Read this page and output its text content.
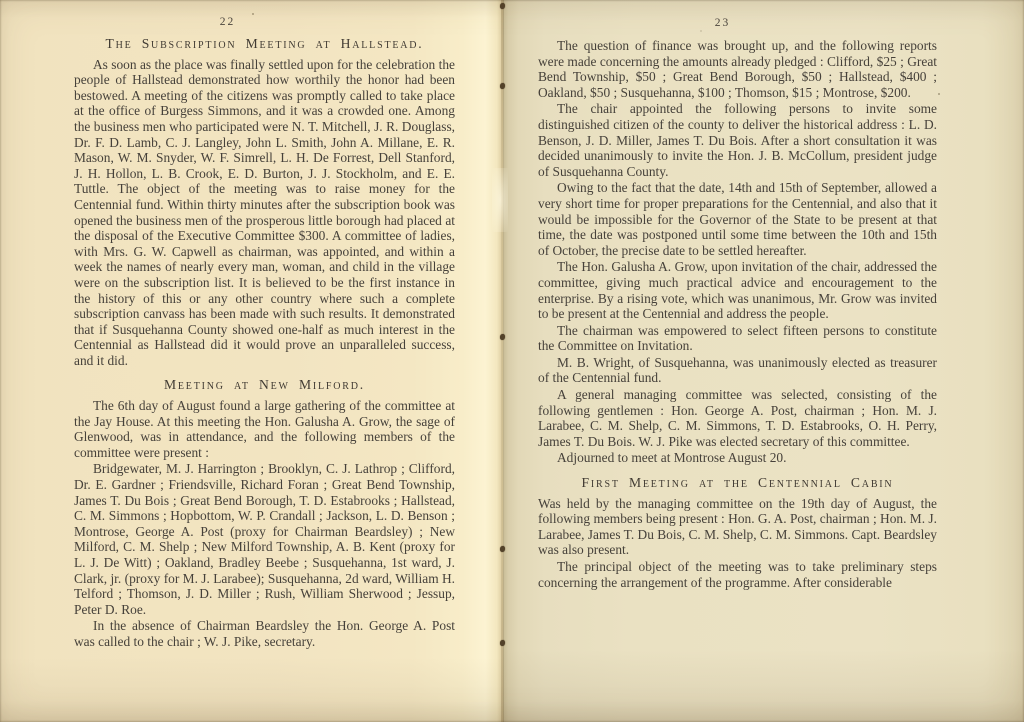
22
The Subscription Meeting at Hallstead.

As soon as the place was finally settled upon for the celebration the people of Hallstead demonstrated how worthily the honor had been bestowed. A meeting of the citizens was promptly called to take place at the office of Burgess Simmons, and it was a crowded one. Among the business men who participated were N. T. Mitchell, J. R. Douglass, Dr. F. D. Lamb, C. J. Langley, John L. Smith, John A. Millane, E. R. Mason, W. M. Snyder, W. F. Simrell, L. H. De Forrest, Dell Stanford, J. H. Hollon, L. B. Crook, E. D. Burton, J. J. Stockholm, and E. E. Tuttle. The object of the meeting was to raise money for the Centennial fund. Within thirty minutes after the subscription book was opened the business men of the prosperous little borough had placed at the disposal of the Executive Committee $300. A committee of ladies, with Mrs. G. W. Capwell as chairman, was appointed, and within a week the names of nearly every man, woman, and child in the village were on the subscription list. It is believed to be the first instance in the history of this or any other country where such a complete subscription canvass has been made with such results. It demonstrated that if Susquehanna County showed one-half as much interest in the Centennial as Hallstead did it would prove an unparalleled success, and it did.

Meeting at New Milford.

The 6th day of August found a large gathering of the committee at the Jay House. At this meeting the Hon. Galusha A. Grow, the sage of Glenwood, was in attendance, and the following members of the committee were present :

Bridgewater, M. J. Harrington ; Brooklyn, C. J. Lathrop ; Clifford, Dr. E. Gardner ; Friendsville, Richard Foran ; Great Bend Township, James T. Du Bois ; Great Bend Borough, T. D. Estabrooks ; Hallstead, C. M. Simmons ; Hopbottom, W. P. Crandall ; Jackson, L. D. Benson ; Montrose, George A. Post (proxy for Chairman Beardsley) ; New Milford, C. M. Shelp ; New Milford Township, A. B. Kent (proxy for L. J. De Witt) ; Oakland, Bradley Beebe ; Susquehanna, 1st ward, J. Clark, jr. (proxy for M. J. Larabee); Susquehanna, 2d ward, William H. Telford ; Thomson, J. D. Miller ; Rush, William Sherwood ; Jessup, Peter D. Roe.

In the absence of Chairman Beardsley the Hon. George A. Post was called to the chair ; W. J. Pike, secretary.

23

The question of finance was brought up, and the following reports were made concerning the amounts already pledged : Clifford, $25 ; Great Bend Township, $50 ; Great Bend Borough, $50 ; Hallstead, $400 ; Oakland, $50 ; Susquehanna, $100 ; Thomson, $15 ; Montrose, $200.

The chair appointed the following persons to invite some distinguished citizen of the county to deliver the historical address : L. D. Benson, J. D. Miller, James T. Du Bois. After a short consultation it was decided unanimously to invite the Hon. J. B. McCollum, president judge of Susquehanna County.

Owing to the fact that the date, 14th and 15th of September, allowed a very short time for proper preparations for the Centennial, and also that it would be impossible for the Governor of the State to be present at that time, the date was postponed until some time between the 10th and 15th of October, the precise date to be settled hereafter.

The Hon. Galusha A. Grow, upon invitation of the chair, addressed the committee, giving much practical advice and encouragement to the enterprise. By a rising vote, which was unanimous, Mr. Grow was invited to be present at the Centennial and address the people.

The chairman was empowered to select fifteen persons to constitute the Committee on Invitation.

M. B. Wright, of Susquehanna, was unanimously elected as treasurer of the Centennial fund.

A general managing committee was selected, consisting of the following gentlemen : Hon. George A. Post, chairman ; Hon. M. J. Larabee, C. M. Shelp, C. M. Simmons, T. D. Estabrooks, O. H. Perry, James T. Du Bois. W. J. Pike was elected secretary of this committee.

Adjourned to meet at Montrose August 20.

First Meeting at the Centennial Cabin

Was held by the managing committee on the 19th day of August, the following members being present : Hon. G. A. Post, chairman ; Hon. M. J. Larabee, James T. Du Bois, C. M. Shelp, C. M. Simmons. Capt. Beardsley was also present.

The principal object of the meeting was to take preliminary steps concerning the arrangement of the programme. After considerable
